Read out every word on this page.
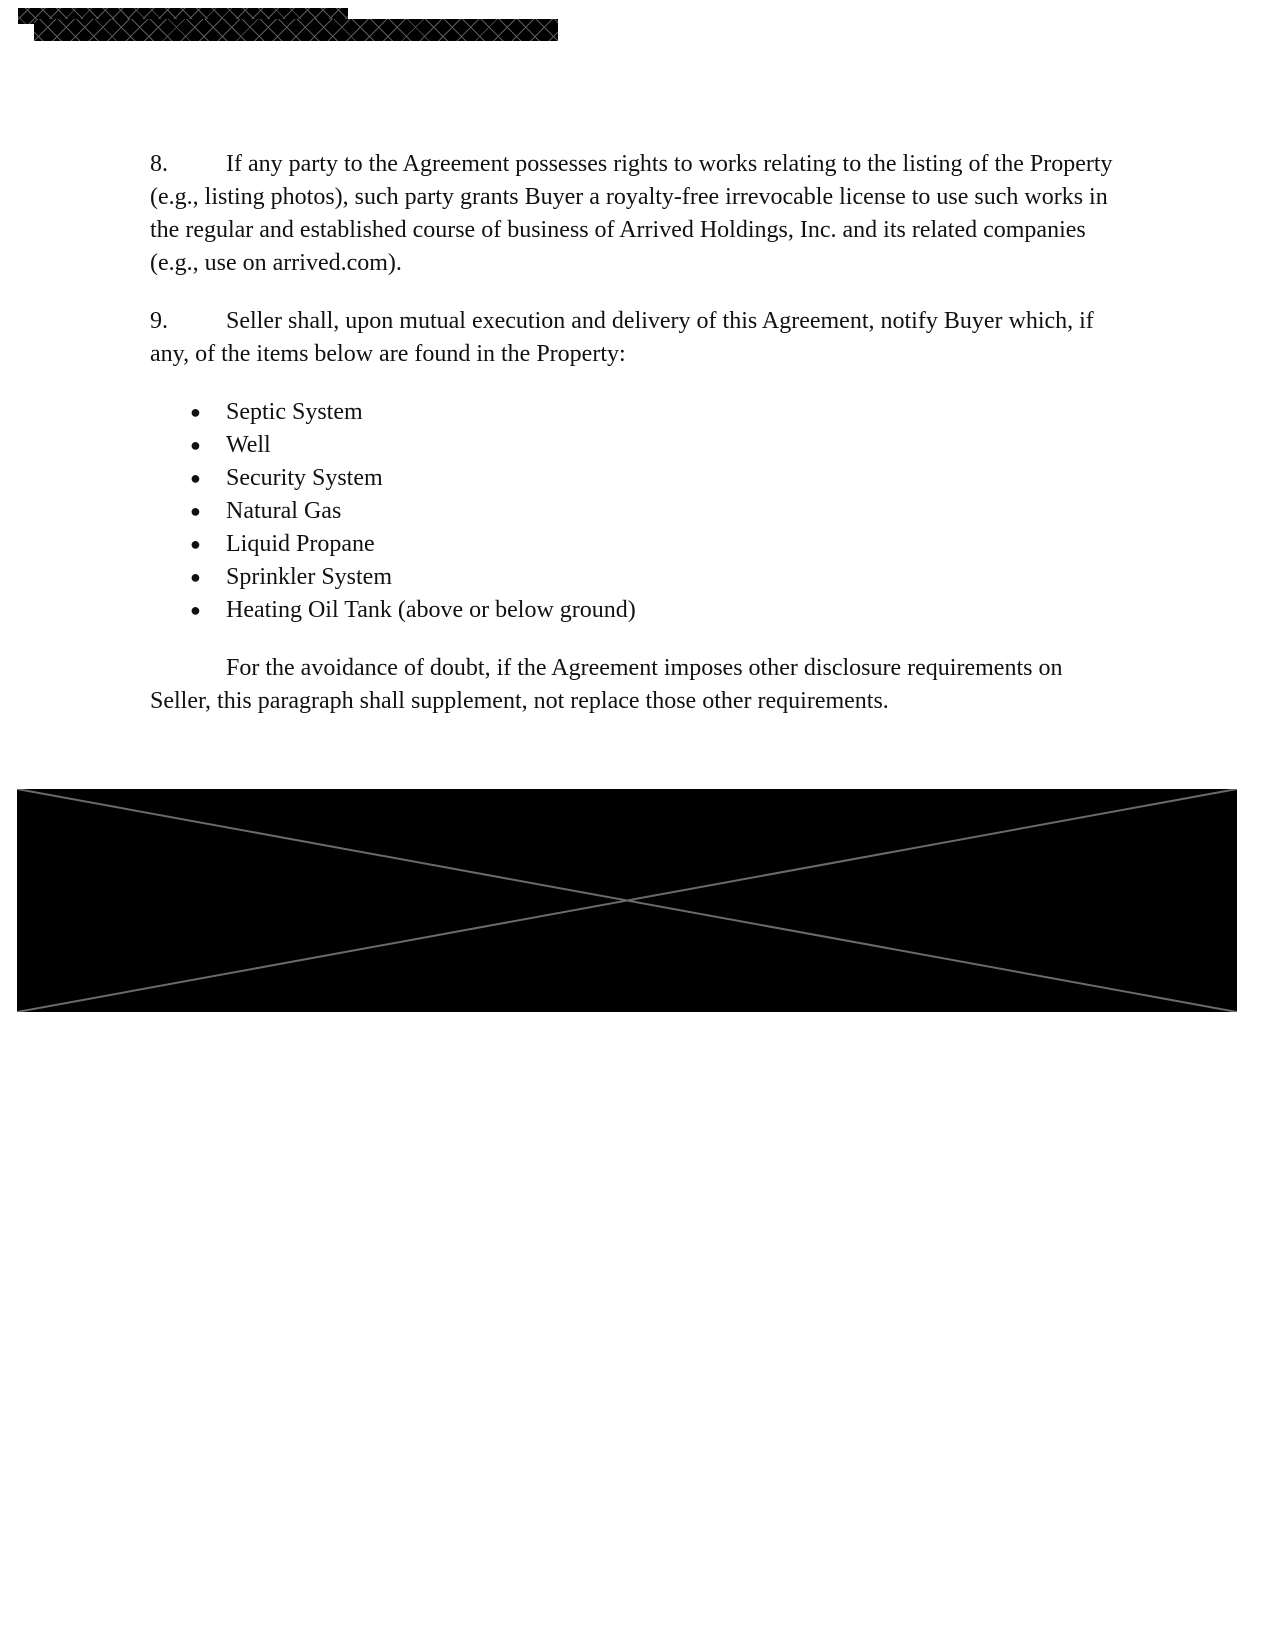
8. If any party to the Agreement possesses rights to works relating to the listing of the Property (e.g., listing photos), such party grants Buyer a royalty-free irrevocable license to use such works in the regular and established course of business of Arrived Holdings, Inc. and its related companies (e.g., use on arrived.com).

9. Seller shall, upon mutual execution and delivery of this Agreement, notify Buyer which, if any, of the items below are found in the Property:

● Septic System
● Well
● Security System
● Natural Gas
● Liquid Propane
● Sprinkler System
● Heating Oil Tank (above or below ground)

For the avoidance of doubt, if the Agreement imposes other disclosure requirements on Seller, this paragraph shall supplement, not replace those other requirements.
